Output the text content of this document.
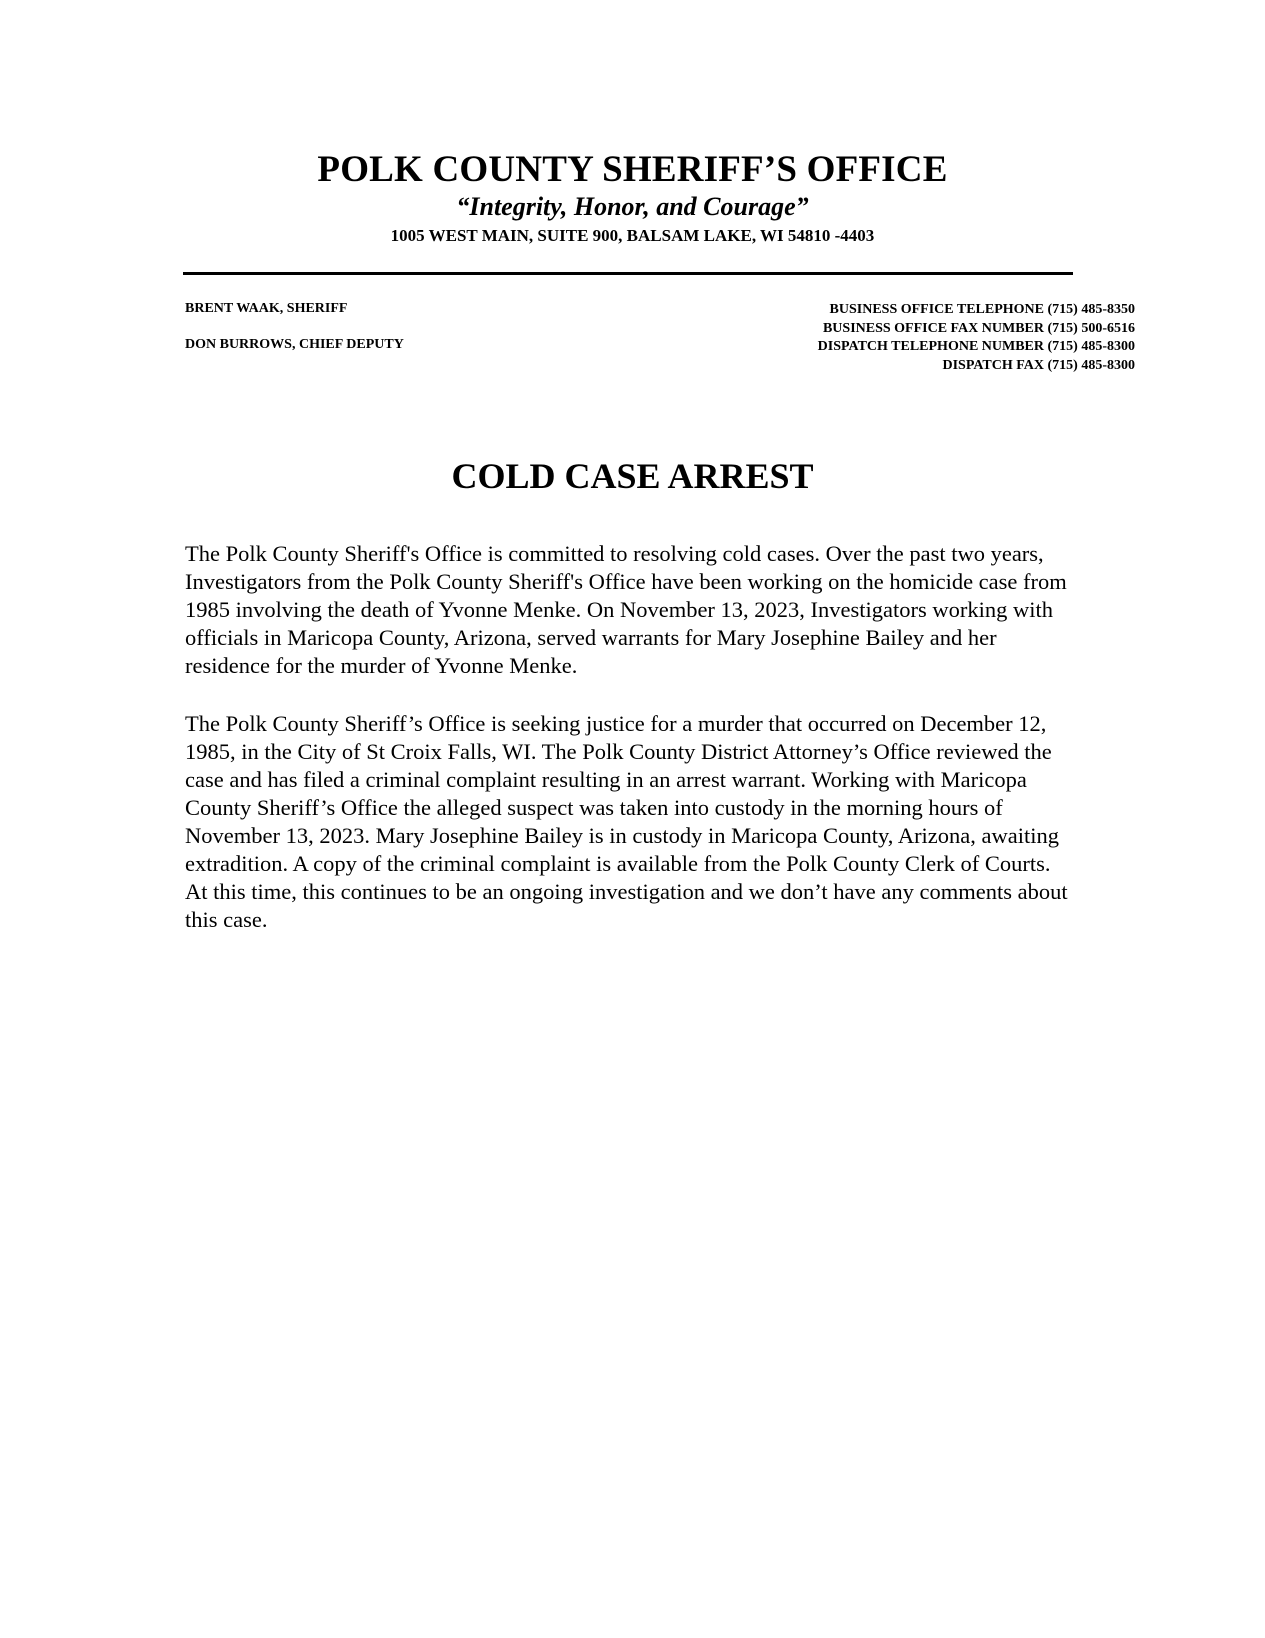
POLK COUNTY SHERIFF’S OFFICE

“Integrity, Honor, and Courage”

1005 WEST MAIN, SUITE 900, BALSAM LAKE, WI 54810 -4403

BRENT WAAK, SHERIFF
DON BURROWS, CHIEF DEPUTY
BUSINESS OFFICE TELEPHONE (715) 485-8350
BUSINESS OFFICE FAX NUMBER (715) 500-6516
DISPATCH TELEPHONE NUMBER (715) 485-8300
DISPATCH FAX (715) 485-8300
COLD CASE ARREST

The Polk County Sheriff's Office is committed to resolving cold cases. Over the past two years, Investigators from the Polk County Sheriff's Office have been working on the homicide case from 1985 involving the death of Yvonne Menke. On November 13, 2023, Investigators working with officials in Maricopa County, Arizona, served warrants for Mary Josephine Bailey and her residence for the murder of Yvonne Menke.

The Polk County Sheriff’s Office is seeking justice for a murder that occurred on December 12, 1985, in the City of St Croix Falls, WI. The Polk County District Attorney’s Office reviewed the case and has filed a criminal complaint resulting in an arrest warrant. Working with Maricopa County Sheriff’s Office the alleged suspect was taken into custody in the morning hours of November 13, 2023. Mary Josephine Bailey is in custody in Maricopa County, Arizona, awaiting extradition. A copy of the criminal complaint is available from the Polk County Clerk of Courts. At this time, this continues to be an ongoing investigation and we don’t have any comments about this case.
